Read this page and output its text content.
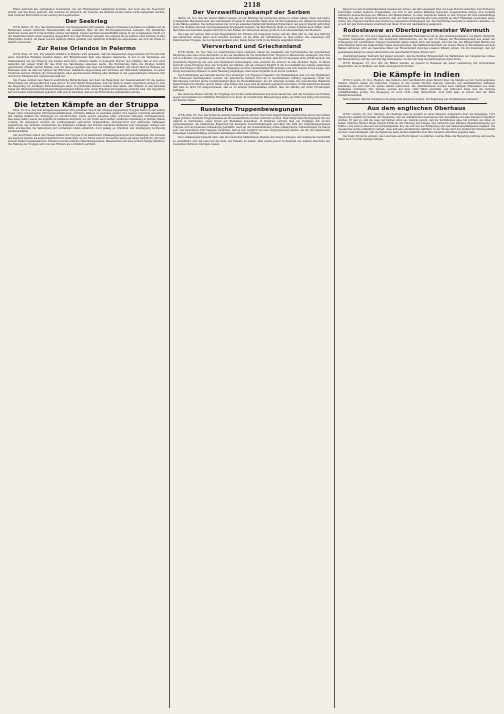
2118

Brand gebracht alle verfügbaren Löschmittel, die den Flammenherd bekämpfen konnten, und noch ehe die Feuerwehr eintraf, war das Feuer gelöscht. Der Schaden ist erheblich, die Ursache des Brandes konnte bisher nicht festgestellt werden; man vermutet Kurzschluß in der Leitung des Lagerraumes.

Der Seekrieg

W.T.B. Berlin, 25. Nov. Das Oberkommando der Kriegsmarine gibt bekannt: Unsere Unterseeboote haben im Atlantik und im Mittelmeer erneut feindliche Handelsschiffe mit zusammen über 40 000 Bruttoregistertonnen versenkt. Ein feindlicher Zerstörer wurde durch Torpedotreffer schwer beschädigt. Unsere leichten Seestreitkräfte haben in der vergangenen Nacht vor der feindlichen Küste einen Geleitzug angegriffen und zwei Frachter versenkt. Die eigenen Boote kehrten ohne Verluste in ihre Stützpunkte zurück. Im Kanal wurden mehrere Minen geräumt und feindliche Schnellboote abgewiesen, die sich der Küste zu nähern versuchten.

Zur Reise Orlandos in Palermo

W.T.B. Wien, 25. Nov. Zur Ankunft Orlandos in Palermo wird gemeldet, daß die italienischen Abgeordneten der Provinz ihm einen feierlichen Empfang bereitet haben. Der Bürgermeister hielt eine längere Ansprache, in der er die Verdienste des Staatsmannes um die Einigung des Landes hervorhob. Orlando dankte in bewegten Worten und erklärte, daß er sich auch weiterhin mit ganzer Kraft für das Wohl des Vaterlandes einsetzen werde. Die Bevölkerung hatte die Straßen festlich geschmückt; überall wehten Fahnen, und die Menge begrüßte den Gast mit lebhaftem Beifall. Am Abend fand im Rathaus ein Festessen statt, an dem die Spitzen der Behörden, zahlreiche Abgeordnete und Vertreter der Wirtschaft teilnahmen. In seiner Tischrede betonte Orlando die Notwendigkeit einer geschlossenen Haltung aller Parteien in der gegenwärtigen schweren Zeit und rief zu Einigkeit und Opferbereitschaft auf.

Die Presse widmet dem Besuch ausführliche Betrachtungen und hebt die Bedeutung der Zusammenkunft für die weitere Entwicklung der innenpolitischen Lage hervor. Es wird darauf hingewiesen, daß die Reise in einem Augenblick erfolgt, in dem die Regierung vor wichtigen Entscheidungen steht. In politischen Kreisen rechnet man damit, daß Orlando in den nächsten Tagen mit führenden Persönlichkeiten Besprechungen führen wird, deren Ergebnis mit Spannung erwartet wird. Die Opposition hat sich bisher zurückhaltend geäußert, läßt jedoch erkennen, daß sie die Entwicklung aufmerksam verfolgt.

Die letzten Kämpfe an der Struppa

Wien, 25. Nov. Aus dem Kriegspressequartier wird gemeldet: Die an der Struppa eingesetzten Truppen haben in den letzten Tagen unter schwierigsten Witterungsverhältnissen erbitterte Kämpfe zu bestehen gehabt. Der Gegner versuchte wiederholt, mit starken Kräften die Stellungen zu durchbrechen, wurde jedoch jedesmal unter schweren Verlusten zurückgeworfen. Besonders heftig waren die Angriffe im mittleren Abschnitt, wo der Feind nach starker Artillerievorbereitung in dichten Wellen vorging. Im Gegenstoß wurden die vorübergehend verlorenen Grabenstücke zurückerobert und zahlreiche Gefangene eingebracht. Die Artillerie unterstützte die Infanterie wirksam und brachte feindliche Batterien zum Schweigen. Schnee und Kälte erschwerten die Versorgung der vordersten Linien erheblich, doch gelang es, Munition und Verpflegung rechtzeitig heranzuschaffen.

Auf den Höhen östlich des Flusses hielten die Truppen trotz mehrfacher Umfassungsversuche ihre Stellungen. Die Verluste des Gegners werden als außerordentlich hoch bezeichnet. In der Nacht zum 24. November setzte ein neuer Angriff ein, der nach kurzem Kampf zusammenbrach. Erbeutet wurden mehrere Maschinengewehre, Minenwerfer und eine größere Menge Munition. Die Haltung der Truppen wird von den Führern als vorbildlich gerühmt.

Der Verzweiflungskampf der Serben

Berlin, 25. Nov. Wie die Wiener Blätter melden, ist der Rückzug der serbischen Armee in vollem Gange. Nach den bisher vorliegenden Meldungen sind den verbündeten Truppen in den letzten Tagen über 20 000 Gefangene und zahlreiche Geschütze in die Hände gefallen. Die Serben leisten nur noch an einzelnen Stellen hartnäckigen Widerstand, der jedoch überall gebrochen wird. Die Straßen sind mit zurückgelassenem Kriegsgerät bedeckt; die Bevölkerung flieht in großen Scharen nach Süden. Nach Berichten aus neutralen Quellen herrscht in den Reihen der serbischen Armee große Not an Lebensmitteln und Munition.

Die Lage der Serben wird in den Hauptstädten der Entente mit steigender Sorge verfolgt. Man gibt zu, daß eine Rettung der serbischen Armee kaum noch möglich erscheint, da die Hilfe der Verbündeten zu spät kommt. Die englischen und französischen Truppen, die bei Saloniki gelandet sind, haben bisher nicht in die Kämpfe eingreifen können.

Vierverband und Griechenland

W.T.B. Berlin, 25. Nov. Wie von unterrichteter Seite verlautet, haben die Gesandten des Vierverbandes der griechischen Regierung eine neue Note überreicht, in der sie Garantien für die Sicherheit ihrer Truppen in Mazedonien verlangen. Die Note soll in scharfem Ton gehalten sein und mit wirtschaftlichen Maßnahmen drohen, falls die Forderungen nicht erfüllt werden. Die griechische Regierung hat sich eine Bedenkzeit ausbedungen; man erwartet die Antwort in den nächsten Tagen. In Athen herrscht große Erregung über das Vorgehen der Mächte, das als schwerer Eingriff in die Souveränität des Landes empfunden wird. Die Presse fordert einmütig, daß die Regierung an ihrer Neutralitätspolitik festhalte und sich keinem Druck beuge. Der König hat mehrere Minister zu einer Beratung empfangen, über deren Ergebnis noch nichts verlautet.

Nach Meldungen aus Saloniki werden die Landungen von Truppen fortgesetzt. Die Hafenanlagen sind von den Engländern und Franzosen beschlagnahmt worden; der griechische Verkehr wird nur in beschränktem Umfang zugelassen. Unter der Bevölkerung herrscht große Unzufriedenheit über die Beschränkungen, die ihr auferlegt werden. Die griechischen Behörden haben Einspruch erhoben, jedoch bisher ohne Erfolg. Die Lage wird als äußerst gespannt bezeichnet. In diplomatischen Kreisen hält man es nicht für ausgeschlossen, daß es zu ernsten Zwischenfällen kommt, falls die Mächte auf ihren Forderungen bestehen.

Die deutsche Presse verfolgt die Vorgänge mit großer Aufmerksamkeit und weist darauf hin, daß das Vorgehen der Entente gegen Griechenland im schärfsten Widerspruch zu ihren oft wiederholten Beteuerungen stehe, sie führe den Krieg zum Schutze der kleinen Völker.

Russische Truppenbewegungen

W.T.B. Köln, 25. Nov. Die Kölnische Zeitung meldet aus Stockholm: Nach hier eingetroffenen Nachrichten sind in den letzten Tagen größere russische Truppenmassen an die bessarabische Grenze befördert worden. Man bringt diese Bewegungen mit der Absicht in Verbindung, einen Druck auf Rumänien auszuüben. In Bukarest verfolgt man die Vorgänge mit großer Aufmerksamkeit; die rumänische Regierung hat ihrerseits Vorsichtsmaßregeln getroffen. Die Zahl der zusammengezogenen Truppen wird auf mehrere Armeekorps geschätzt. Auch an der Donaumündung sollen umfangreiche Vorbereitungen im Gange sein. Aus Petersburg wird dagegen versichert, daß es sich lediglich um eine Umgruppierung handle, die mit der allgemeinen Kriegslage zusammenhänge und keine feindseligen Absichten verfolge.

Der Lokalanzeiger bemerkt dazu, daß die russischen Maßnahmen offenbar den Zweck verfolgen, die rumänische Neutralität zu erschüttern und das Land auf die Seite der Entente zu ziehen. Man werde jedoch in Bukarest die wahren Absichten der russischen Politik zu würdigen wissen.

Besuch bei dem Kommandierenden General der Armee, der ihm eingehend über die Lage Bericht erstattete. Der Erzherzog besichtigte sodann mehrere Truppenteile, die sich in den letzten Kämpfen besonders ausgezeichnet hatten, und verteilte zahlreiche Auszeichnungen an Offiziere und Mannschaften. In einer Ansprache dankte er den Truppen für ihre heldenmütige Haltung und gab der Zuversicht Ausdruck, daß der Feind auch künftig alle seine Angriffe an ihrer Tapferkeit zerschellen sehen werde. Die Truppen brachten dem Erzherzog begeisterte Huldigungen dar. Am Nachmittag besuchte er mehrere Lazarette, wo er sich mit den Verwundeten unterhielt und ihnen Trost und Anerkennung aussprach.

Rodoslawow an Oberbürgermeister Wermuth

W.T.B. Berlin, 25. Nov. Der bulgarische Ministerpräsident Radoslawow hat an den Oberbürgermeister von Berlin, Wermuth, folgendes Telegramm gerichtet: Die herzlichen Glückwünsche, die Sie mir im Namen der Reichshauptstadt aus Anlaß der Vereinigung der verbündeten Truppen übermittelt haben, haben mich tief bewegt. Ich bitte Sie, der Bürgerschaft Berlins den aufrichtigsten Dank des bulgarischen Volkes auszusprechen. Die Waffenbrüderschaft, die unsere Heere in den Kämpfen auf dem Balkan verbindet, wird ein dauerndes Band der Freundschaft zwischen unseren Völkern bilden. Ich bin überzeugt, daß der gemeinsame Kampf zu einem ehrenvollen und dauerhaften Frieden führen wird.

Oberbürgermeister Wermuth hat darauf erwidert, daß die Berliner Bürgerschaft die Waffentaten der bulgarischen Armee mit Bewunderung verfolge und den Tag herbeisehne, an dem der Sieg die gemeinsamen Opfer kröne.

W.T.B. Budapest, 25. Nov. Wie die Blätter melden, ist gestern in Budapest ein neuer Lazarettzug mit Verwundeten eingetroffen, die in Spitälern der Stadt untergebracht wurden.

Die Kämpfe in Indien

W.T.B. London, 25. Nov. (Reuter). Das Indische Amt veröffentlicht einen Bericht über die Kämpfe an der Nordwestgrenze Indiens. Danach haben die britischen Truppen in den letzten Wochen mehrere Gefechte mit aufständischen Stämmen bestanden, die sich über ein weites Gebiet erstreckten. Die Aufständischen wurden nach heftigem Widerstand aus ihren Stellungen vertrieben; ihre Verluste werden auf über 1000 Mann geschätzt. Auf britischer Seite sind die Verluste verhältnismäßig gering. Die Bewegung ist noch nicht völlig unterdrückt, doch hofft man, in kurzer Zeit die Ruhe wiederherzustellen.

Man erwartet, daß die Unruhen noch einige Zeit andauern werden. Die Regierung hat Verstärkungen entsandt.

Aus dem englischen Oberhaus

W.T.B. London, 25. Nov. (Reuter). Im Oberhaus kam es gestern zu einer längeren Aussprache über die Kriegslage. Lord Lansdowne erklärte im Namen der Regierung, daß die militärischen Operationen auf dem Balkan mit aller Energie fortgeführt würden. Er gab zu, daß die Lage der Serben ernst sei, betonte jedoch, daß die Verbündeten alles tun würden, um ihnen zu helfen. Mehrere Redner übten scharfe Kritik an der Führung des Krieges und forderten eine stärkere Zusammenfassung der Kräfte. Lord Curzon wies auf die Schwierigkeiten hin, die sich aus der Entfernung und den Verkehrsverhältnissen ergäben. Die Aussprache wurde schließlich vertagt, ohne daß eine Abstimmung stattfand. In der Presse wird der Verlauf der Sitzung lebhaft erörtert; man bemängelt, daß die Regierung keine klaren Auskünfte über ihre weiteren Absichten gegeben habe.

Der Daily Chronicle schreibt, das Land habe ein Recht darauf, zu erfahren, welche Pläne die Regierung verfolge und welche Opfer noch von ihm verlangt würden.
